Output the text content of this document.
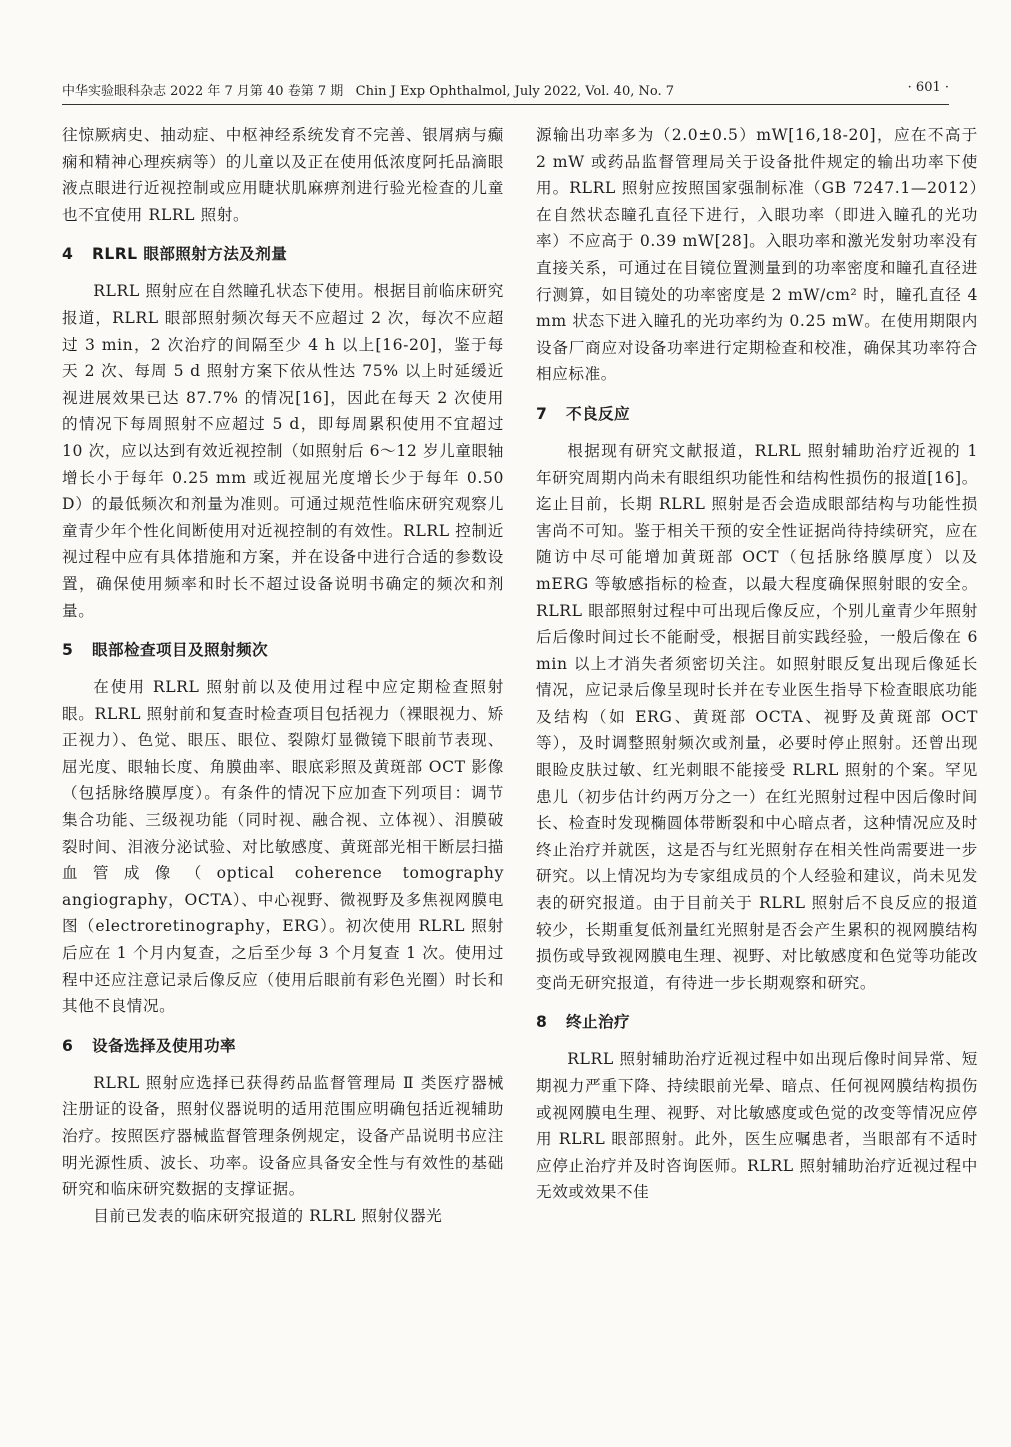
中华实验眼科杂志 2022 年 7 月第 40 卷第 7 期 Chin J Exp Ophthalmol, July 2022, Vol. 40, No. 7	· 601 ·

往惊厥病史、抽动症、中枢神经系统发育不完善、银屑病与癫痫和精神心理疾病等）的儿童以及正在使用低浓度阿托品滴眼液点眼进行近视控制或应用睫状肌麻痹剂进行验光检查的儿童也不宜使用 RLRL 照射。

4 RLRL 眼部照射方法及剂量

RLRL 照射应在自然瞳孔状态下使用。根据目前临床研究报道，RLRL 眼部照射频次每天不应超过 2 次，每次不应超过 3 min，2 次治疗的间隔至少 4 h 以上[16-20]，鉴于每天 2 次、每周 5 d 照射方案下依从性达 75% 以上时延缓近视进展效果已达 87.7% 的情况[16]，因此在每天 2 次使用的情况下每周照射不应超过 5 d，即每周累积使用不宜超过 10 次，应以达到有效近视控制（如照射后 6～12 岁儿童眼轴增长小于每年 0.25 mm 或近视屈光度增长少于每年 0.50 D）的最低频次和剂量为准则。可通过规范性临床研究观察儿童青少年个性化间断使用对近视控制的有效性。RLRL 控制近视过程中应有具体措施和方案，并在设备中进行合适的参数设置，确保使用频率和时长不超过设备说明书确定的频次和剂量。

5 眼部检查项目及照射频次

在使用 RLRL 照射前以及使用过程中应定期检查照射眼。RLRL 照射前和复查时检查项目包括视力（裸眼视力、矫正视力）、色觉、眼压、眼位、裂隙灯显微镜下眼前节表现、屈光度、眼轴长度、角膜曲率、眼底彩照及黄斑部 OCT 影像（包括脉络膜厚度）。有条件的情况下应加查下列项目：调节集合功能、三级视功能（同时视、融合视、立体视）、泪膜破裂时间、泪液分泌试验、对比敏感度、黄斑部光相干断层扫描血管成像（optical coherence tomography angiography，OCTA）、中心视野、微视野及多焦视网膜电图（electroretinography，ERG）。初次使用 RLRL 照射后应在 1 个月内复查，之后至少每 3 个月复查 1 次。使用过程中还应注意记录后像反应（使用后眼前有彩色光圈）时长和其他不良情况。

6 设备选择及使用功率

RLRL 照射应选择已获得药品监督管理局 Ⅱ 类医疗器械注册证的设备，照射仪器说明的适用范围应明确包括近视辅助治疗。按照医疗器械监督管理条例规定，设备产品说明书应注明光源性质、波长、功率。设备应具备安全性与有效性的基础研究和临床研究数据的支撑证据。

目前已发表的临床研究报道的 RLRL 照射仪器光

源输出功率多为（2.0±0.5）mW[16,18-20]，应在不高于 2 mW 或药品监督管理局关于设备批件规定的输出功率下使用。RLRL 照射应按照国家强制标准（GB 7247.1—2012）在自然状态瞳孔直径下进行，入眼功率（即进入瞳孔的光功率）不应高于 0.39 mW[28]。入眼功率和激光发射功率没有直接关系，可通过在目镜位置测量到的功率密度和瞳孔直径进行测算，如目镜处的功率密度是 2 mW/cm² 时，瞳孔直径 4 mm 状态下进入瞳孔的光功率约为 0.25 mW。在使用期限内设备厂商应对设备功率进行定期检查和校准，确保其功率符合相应标准。

7 不良反应

根据现有研究文献报道，RLRL 照射辅助治疗近视的 1 年研究周期内尚未有眼组织功能性和结构性损伤的报道[16]。迄止目前，长期 RLRL 照射是否会造成眼部结构与功能性损害尚不可知。鉴于相关干预的安全性证据尚待持续研究，应在随访中尽可能增加黄斑部 OCT（包括脉络膜厚度）以及 mERG 等敏感指标的检查，以最大程度确保照射眼的安全。RLRL 眼部照射过程中可出现后像反应，个别儿童青少年照射后后像时间过长不能耐受，根据目前实践经验，一般后像在 6 min 以上才消失者须密切关注。如照射眼反复出现后像延长情况，应记录后像呈现时长并在专业医生指导下检查眼底功能及结构（如 ERG、黄斑部 OCTA、视野及黄斑部 OCT 等），及时调整照射频次或剂量，必要时停止照射。还曾出现眼睑皮肤过敏、红光刺眼不能接受 RLRL 照射的个案。罕见患儿（初步估计约两万分之一）在红光照射过程中因后像时间长、检查时发现椭圆体带断裂和中心暗点者，这种情况应及时终止治疗并就医，这是否与红光照射存在相关性尚需要进一步研究。以上情况均为专家组成员的个人经验和建议，尚未见发表的研究报道。由于目前关于 RLRL 照射后不良反应的报道较少，长期重复低剂量红光照射是否会产生累积的视网膜结构损伤或导致视网膜电生理、视野、对比敏感度和色觉等功能改变尚无研究报道，有待进一步长期观察和研究。

8 终止治疗

RLRL 照射辅助治疗近视过程中如出现后像时间异常、短期视力严重下降、持续眼前光晕、暗点、任何视网膜结构损伤或视网膜电生理、视野、对比敏感度或色觉的改变等情况应停用 RLRL 眼部照射。此外，医生应嘱患者，当眼部有不适时应停止治疗并及时咨询医师。RLRL 照射辅助治疗近视过程中无效或效果不佳
